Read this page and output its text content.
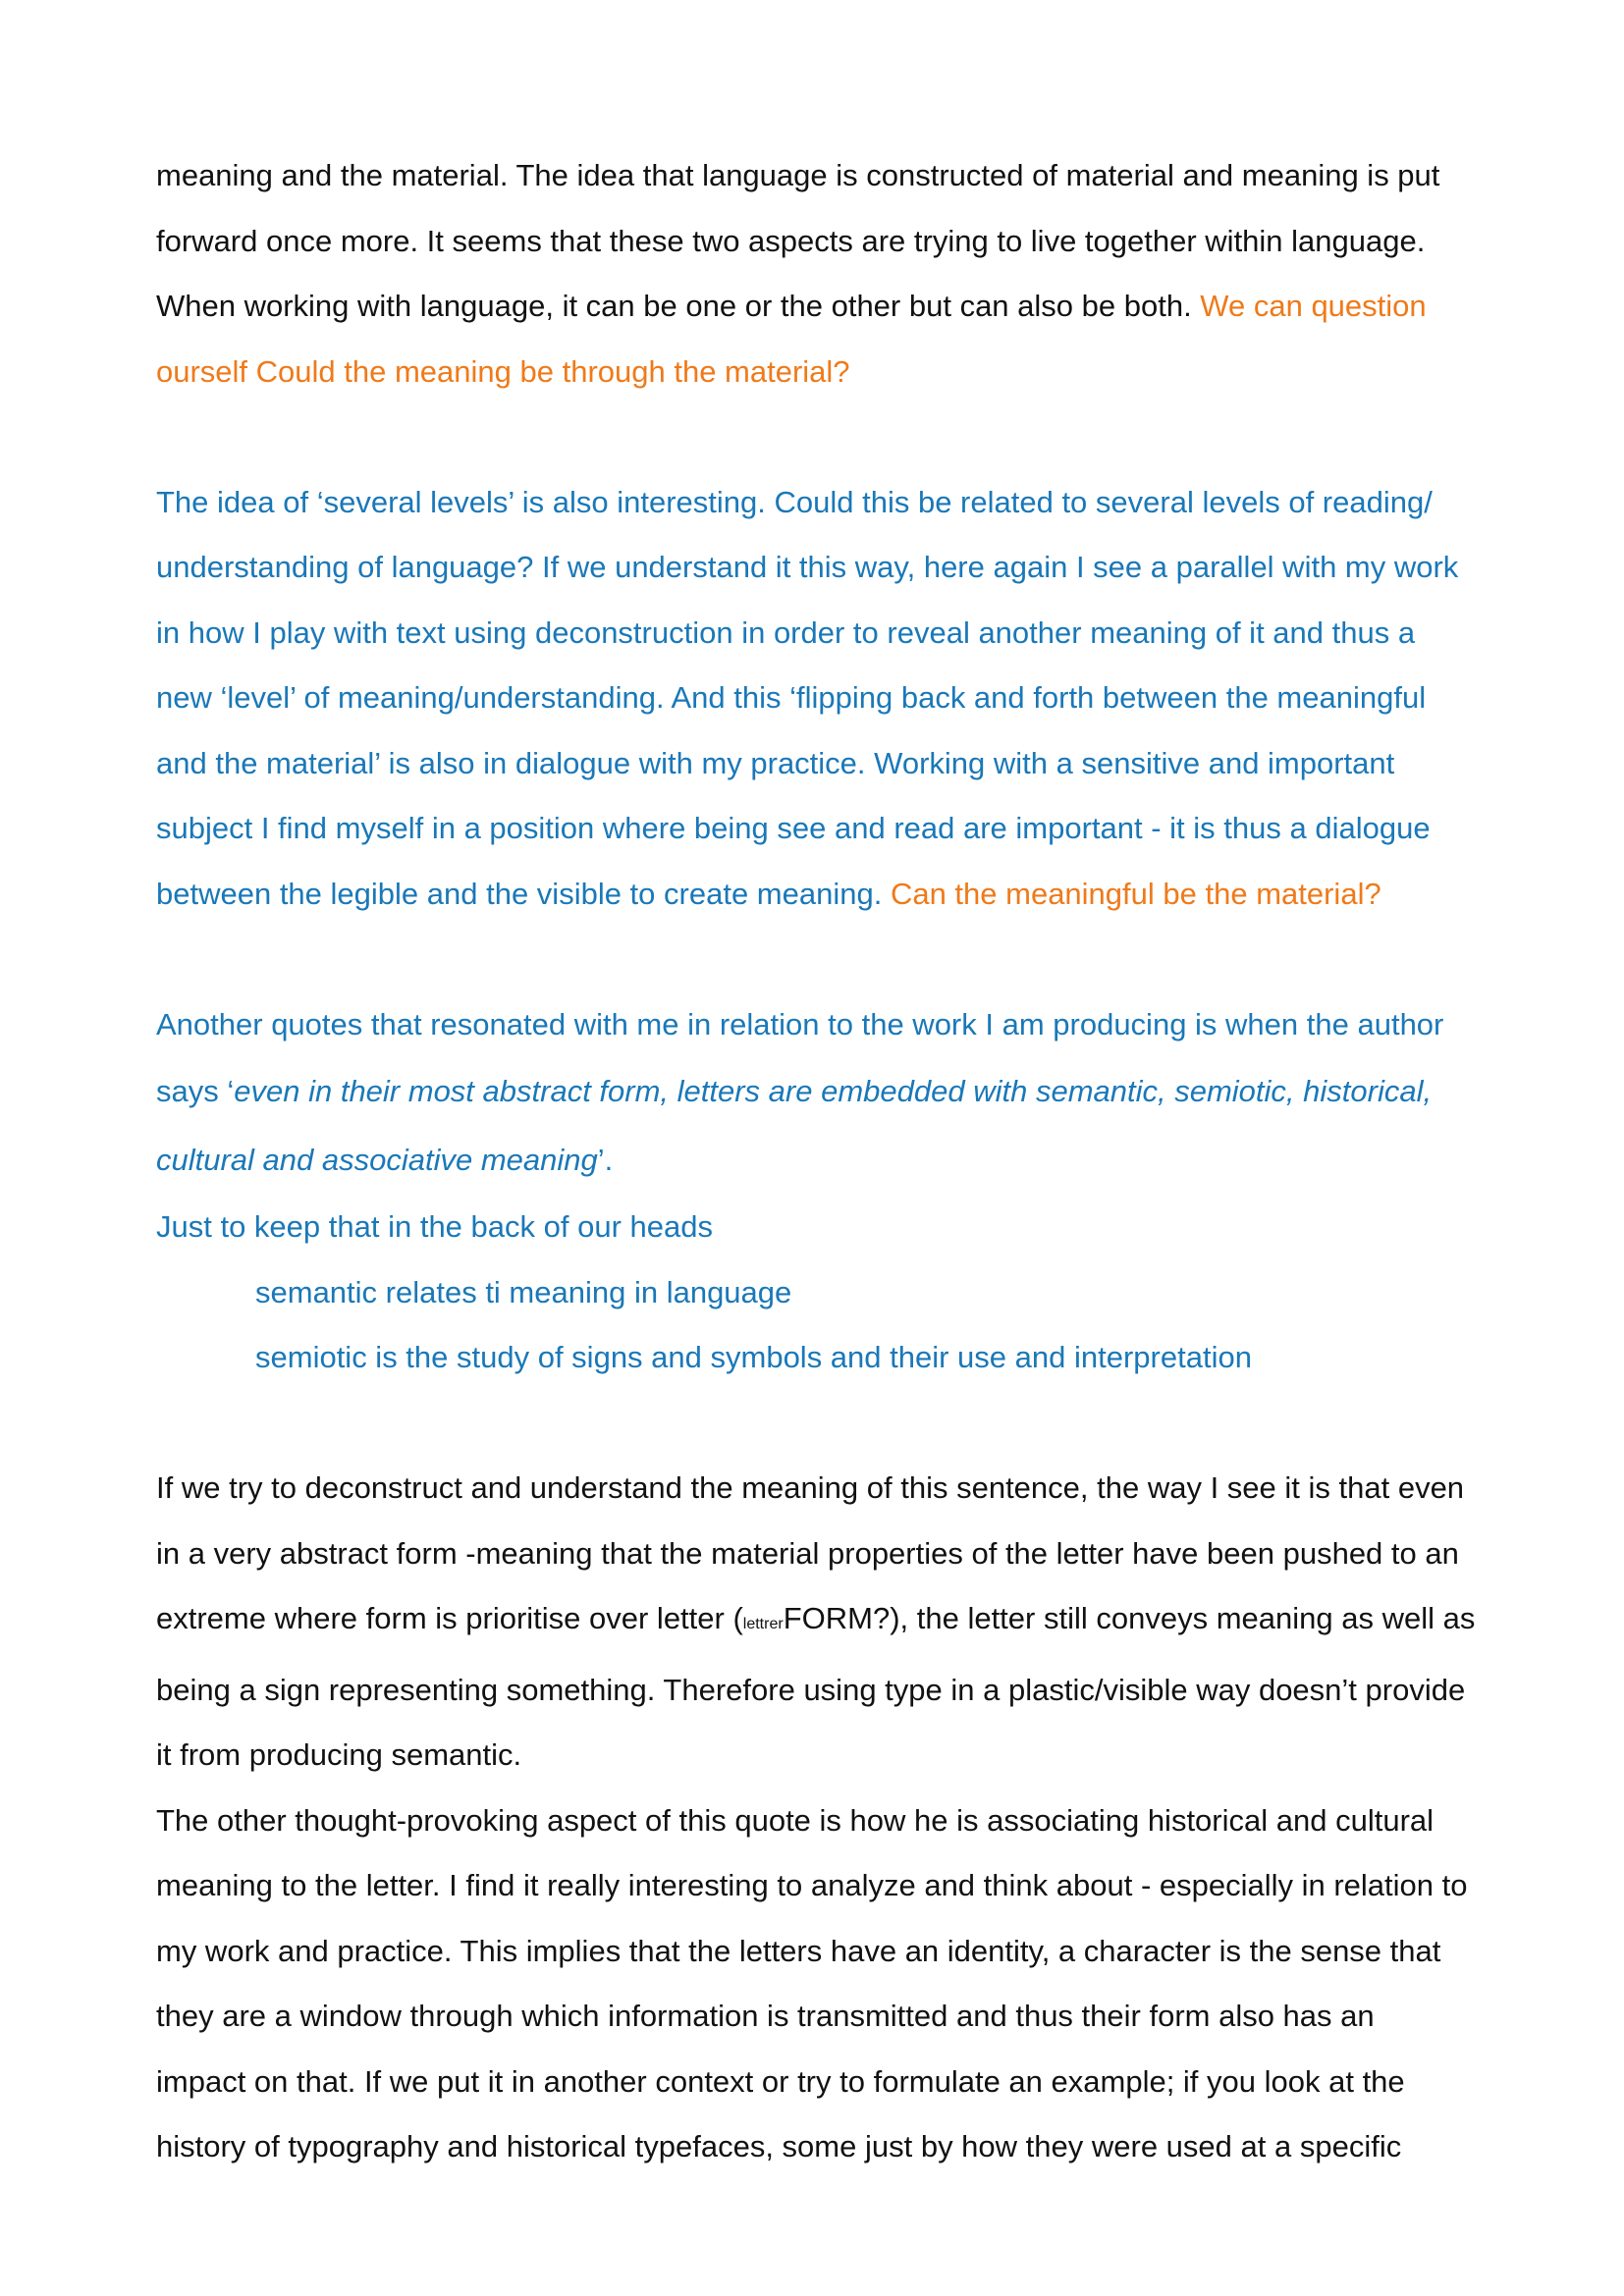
meaning and the material. The idea that language is constructed of material and meaning is put
forward once more. It seems that these two aspects are trying to live together within language.
When working with language, it can be one or the other but can also be both. We can question
ourself Could the meaning be through the material?
The idea of ‘several levels’ is also interesting. Could this be related to several levels of reading/
understanding of language? If we understand it this way, here again I see a parallel with my work
in how I play with text using deconstruction in order to reveal another meaning of it and thus a
new ‘level’ of meaning/understanding. And this ‘flipping back and forth between the meaningful
and the material’ is also in dialogue with my practice. Working with a sensitive and important
subject I find myself in a position where being see and read are important - it is thus a dialogue
between the legible and the visible to create meaning. Can the meaningful be the material?
Another quotes that resonated with me in relation to the work I am producing is when the author
says ‘even in their most abstract form, letters are embedded with semantic, semiotic, historical,
cultural and associative meaning’.
Just to keep that in the back of our heads
semantic relates ti meaning in language
semiotic is the study of signs and symbols and their use and interpretation
If we try to deconstruct and understand the meaning of this sentence, the way I see it is that even
in a very abstract form -meaning that the material properties of the letter have been pushed to an
extreme where form is prioritise over letter (lettrerFORM?), the letter still conveys meaning as well as
being a sign representing something. Therefore using type in a plastic/visible way doesn’t provide
it from producing semantic.
The other thought-provoking aspect of this quote is how he is associating historical and cultural
meaning to the letter. I find it really interesting to analyze and think about - especially in relation to
my work and practice. This implies that the letters have an identity, a character is the sense that
they are a window through which information is transmitted and thus their form also has an
impact on that. If we put it in another context or try to formulate an example; if you look at the
history of typography and historical typefaces, some just by how they were used at a specific
